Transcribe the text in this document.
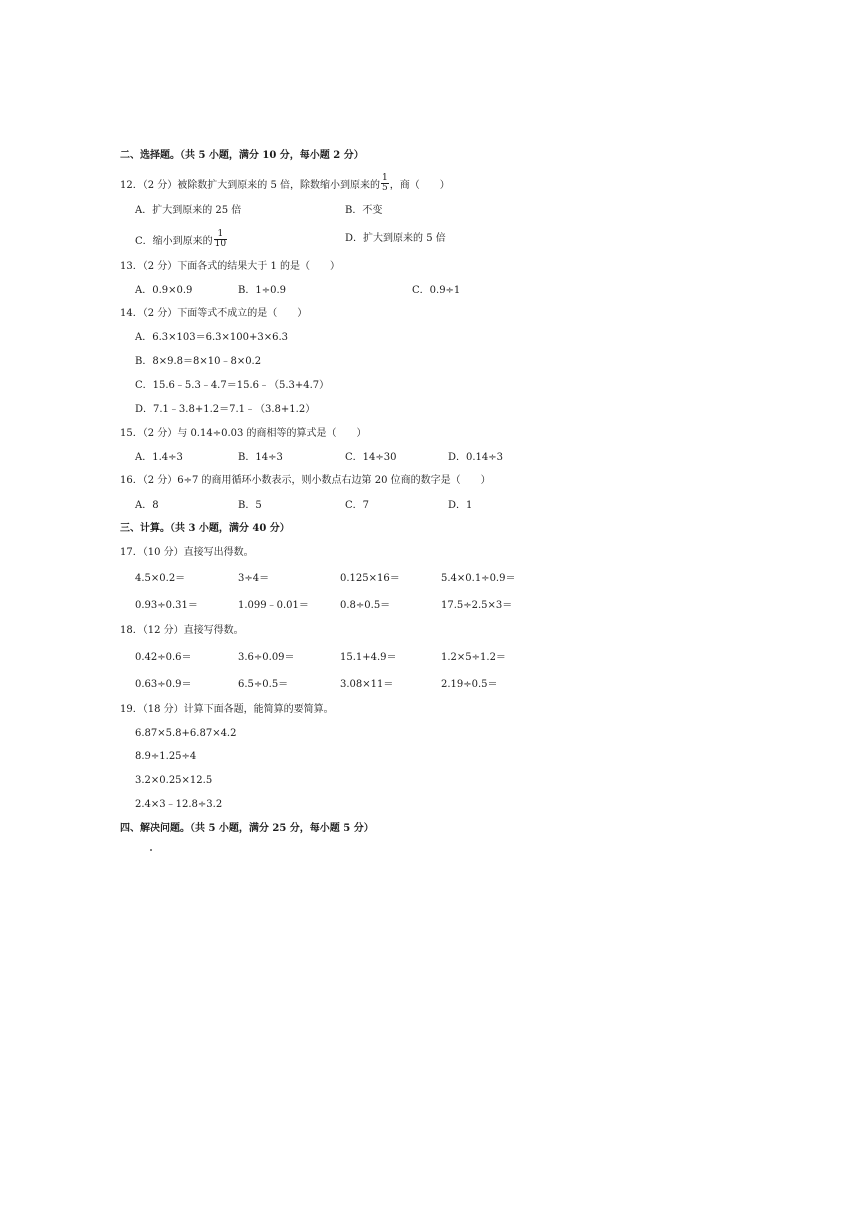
二、选择题。（共 5 小题，满分 10 分，每小题 2 分）
12．（2 分）被除数扩大到原来的 5 倍，除数缩小到原来的 $\frac{1}{5}$ ，商（　　）
A．扩大到原来的 25 倍	B．不变
C．缩小到原来的 $\frac{1}{10}$	D．扩大到原来的 5 倍
13．（2 分）下面各式的结果大于 1 的是（　　）
A．0.9×0.9	B．1÷0.9	C．0.9÷1
14．（2 分）下面等式不成立的是（　　）
A．6.3×103＝6.3×100+3×6.3
B．8×9.8＝8×10﹣8×0.2
C．15.6﹣5.3﹣4.7＝15.6﹣（5.3+4.7）
D．7.1﹣3.8+1.2＝7.1﹣（3.8+1.2）
15．（2 分）与 0.14÷0.03 的商相等的算式是（　　）
A．1.4÷3	B．14÷3	C．14÷30	D．0.14÷3
16．（2 分）6÷7 的商用循环小数表示，则小数点右边第 20 位商的数字是（　　）
A．8	B．5	C．7	D．1
三、计算。（共 3 小题，满分 40 分）
17．（10 分）直接写出得数。
4.5×0.2＝	3÷4＝	0.125×16＝	5.4×0.1÷0.9＝
0.93÷0.31＝	1.099﹣0.01＝	0.8÷0.5＝	17.5÷2.5×3＝
18．（12 分）直接写得数。
0.42÷0.6＝	3.6÷0.09＝	15.1+4.9＝	1.2×5÷1.2＝
0.63÷0.9＝	6.5÷0.5＝	3.08×11＝	2.19÷0.5＝
19．（18 分）计算下面各题，能简算的要简算。
6.87×5.8+6.87×4.2
8.9÷1.25÷4
3.2×0.25×12.5
2.4×3﹣12.8÷3.2
四、解决问题。（共 5 小题，满分 25 分，每小题 5 分）
